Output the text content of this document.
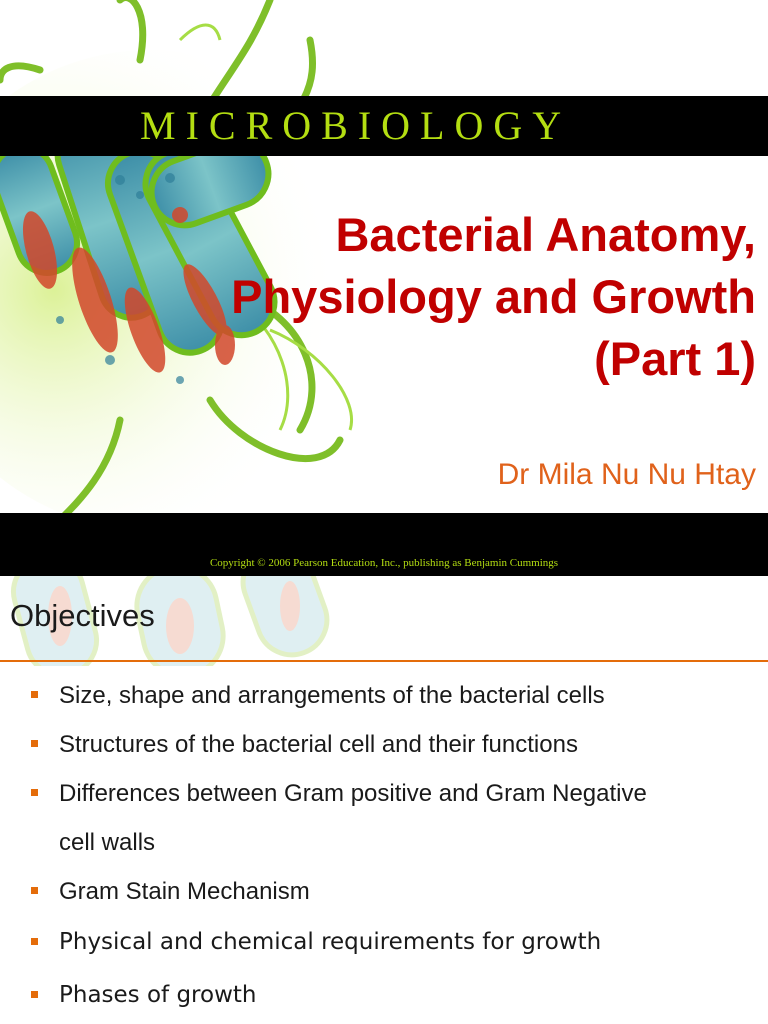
MICROBIOLOGY
Bacterial Anatomy,
Physiology and Growth
(Part 1)
Dr Mila Nu Nu Htay
Copyright © 2006 Pearson Education, Inc., publishing as Benjamin Cummings
Objectives
Size, shape and arrangements of the bacterial cells
Structures of the bacterial cell and their functions
Differences between Gram positive and Gram Negative
cell walls
Gram Stain Mechanism
Physical and chemical requirements for growth
Phases of growth
